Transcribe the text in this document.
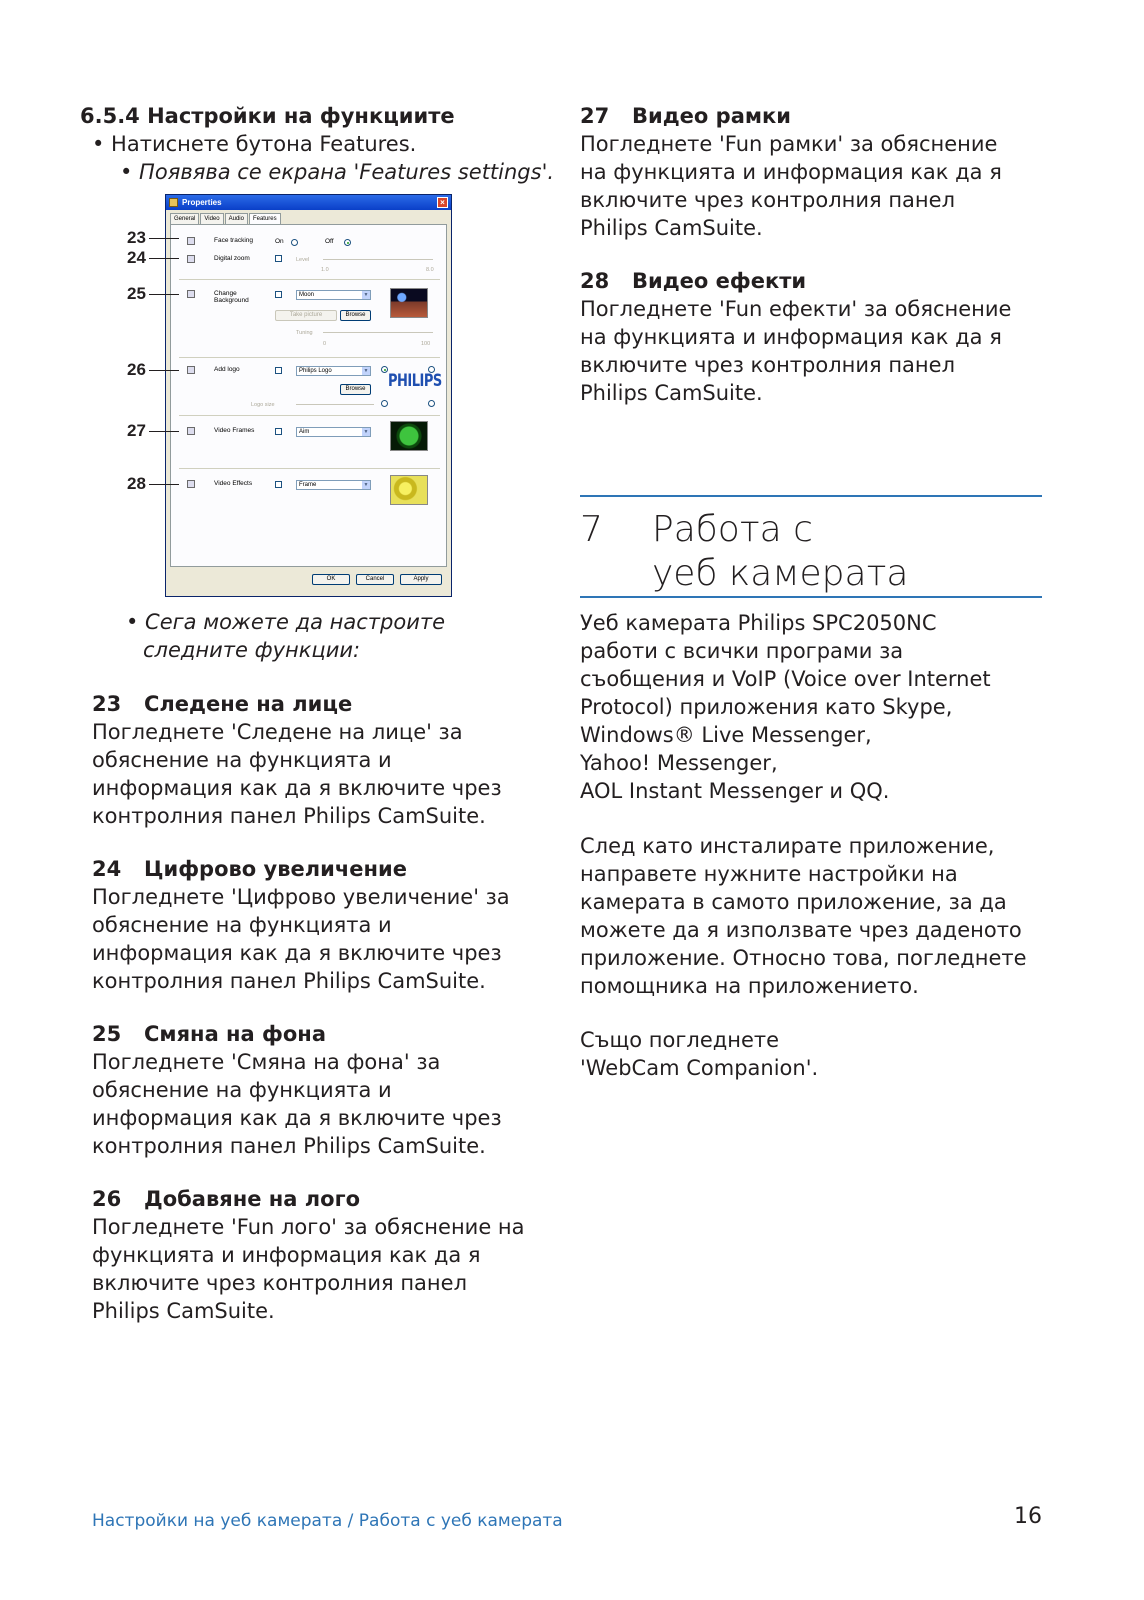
6.5.4 Настройки на функциите
• Натиснете бутона Features.
• Появява се екрана 'Features settings'.
Properties	×
General	Video	Audio	Features
Face tracking	On	Off
Digital zoom	Level
1.0	8.0
Change
Background
Moon	▼
Take picture	Browse
Tuning
0	100
Add logo	Philips Logo	▼
PHILIPS
Browse
Logo size
Video Frames	Aim	▼
Video Effects	Frame	▼
OK	Cancel	Apply
23
24
25
26
27
28
• Сега можете да настроите
следните функции:
23 Следене на лице
Погледнете 'Следене на лице' за
обяснение на функцията и
информация как да я включите чрез
контролния панел Philips CamSuite.
24 Цифрово увеличение
Погледнете 'Цифрово увеличение' за
обяснение на функцията и
информация как да я включите чрез
контролния панел Philips CamSuite.
25 Смяна на фона
Погледнете 'Смяна на фона' за
обяснение на функцията и
информация как да я включите чрез
контролния панел Philips CamSuite.
26 Добавяне на лого
Погледнете 'Fun лого' за обяснение на
функцията и информация как да я
включите чрез контролния панел
Philips CamSuite.
27 Видео рамки
Погледнете 'Fun рамки' за обяснение
на функцията и информация как да я
включите чрез контролния панел
Philips CamSuite.
28 Видео ефекти
Погледнете 'Fun ефекти' за обяснение
на функцията и информация как да я
включите чрез контролния панел
Philips CamSuite.
7 Работа с
уеб камерата
Уеб камерата Philips SPC2050NC
работи с всички програми за
съобщения и VoIP (Voice over Internet
Protocol) приложения като Skype,
Windows® Live Messenger,
Yahoo! Messenger,
AOL Instant Messenger и QQ.
След като инсталирате приложение,
направете нужните настройки на
камерата в самото приложение, за да
можете да я използвате чрез даденото
приложение. Относно това, погледнете
помощника на приложението.
Също погледнете
'WebCam Companion'.
Настройки на уеб камерата / Работа с уеб камерата	16
